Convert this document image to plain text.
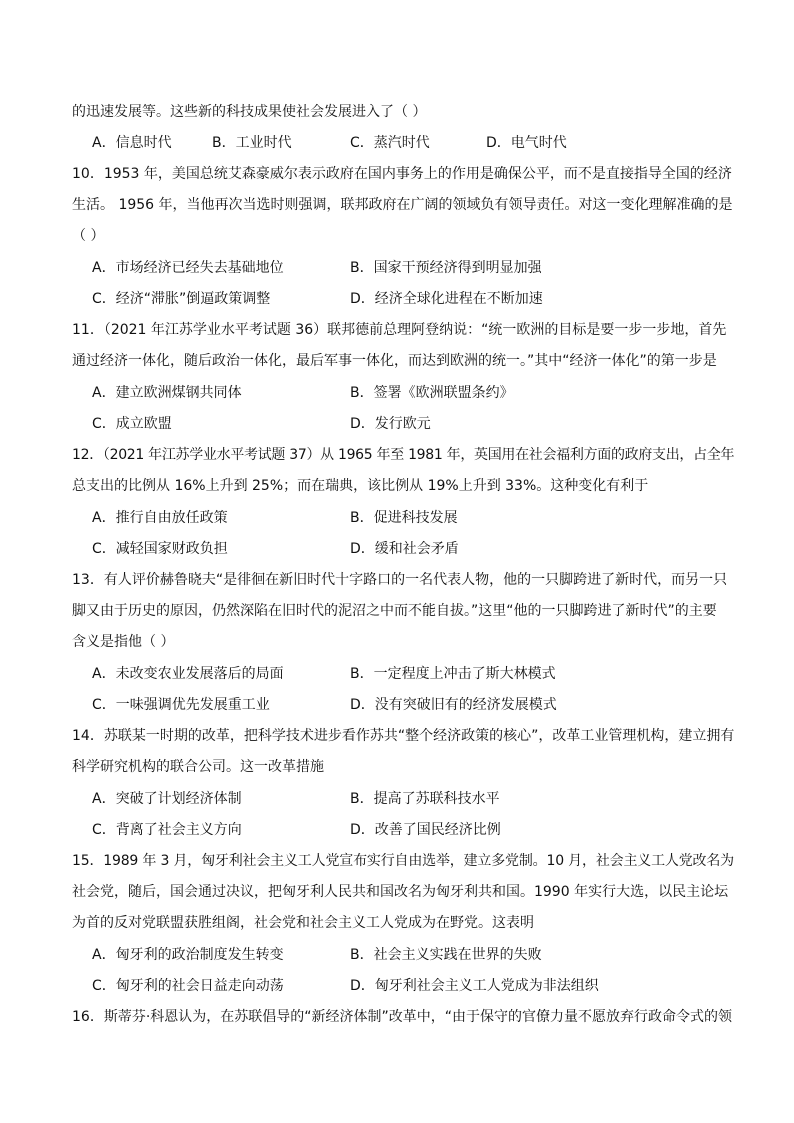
的迅速发展等。这些新的科技成果使社会发展进入了（ ）
A．信息时代	B．工业时代	C．蒸汽时代	D．电气时代
10．1953 年，美国总统艾森豪威尔表示政府在国内事务上的作用是确保公平，而不是直接指导全国的经济
生活。 1956 年，当他再次当选时则强调，联邦政府在广阔的领域负有领导责任。对这一变化理解准确的是
（ ）
A．市场经济已经失去基础地位	B．国家干预经济得到明显加强
C．经济“滞胀”倒逼政策调整	D．经济全球化进程在不断加速
11．（2021 年江苏学业水平考试题 36）联邦德前总理阿登纳说：“统一欧洲的目标是要一步一步地，首先
通过经济一体化，随后政治一体化，最后军事一体化，而达到欧洲的统一。”其中“经济一体化”的第一步是
A．建立欧洲煤钢共同体	B．签署《欧洲联盟条约》
C．成立欧盟	D．发行欧元
12．（2021 年江苏学业水平考试题 37）从 1965 年至 1981 年，英国用在社会福利方面的政府支出，占全年
总支出的比例从 16%上升到 25%；而在瑞典，该比例从 19%上升到 33%。这种变化有利于
A．推行自由放任政策	B．促进科技发展
C．减轻国家财政负担	D．缓和社会矛盾
13．有人评价赫鲁晓夫“是徘徊在新旧时代十字路口的一名代表人物，他的一只脚跨进了新时代，而另一只
脚又由于历史的原因，仍然深陷在旧时代的泥沼之中而不能自拔。”这里“他的一只脚跨进了新时代”的主要
含义是指他（ ）
A．未改变农业发展落后的局面	B．一定程度上冲击了斯大林模式
C．一味强调优先发展重工业	D．没有突破旧有的经济发展模式
14．苏联某一时期的改革，把科学技术进步看作苏共“整个经济政策的核心”，改革工业管理机构，建立拥有
科学研究机构的联合公司。这一改革措施
A．突破了计划经济体制	B．提高了苏联科技水平
C．背离了社会主义方向	D．改善了国民经济比例
15．1989 年 3 月，匈牙利社会主义工人党宣布实行自由选举，建立多党制。10 月，社会主义工人党改名为
社会党，随后，国会通过决议，把匈牙利人民共和国改名为匈牙利共和国。1990 年实行大选，以民主论坛
为首的反对党联盟获胜组阁，社会党和社会主义工人党成为在野党。这表明
A．匈牙利的政治制度发生转变	B．社会主义实践在世界的失败
C．匈牙利的社会日益走向动荡	D．匈牙利社会主义工人党成为非法组织
16．斯蒂芬·科恩认为，在苏联倡导的“新经济体制”改革中，“由于保守的官僚力量不愿放弃行政命令式的领
